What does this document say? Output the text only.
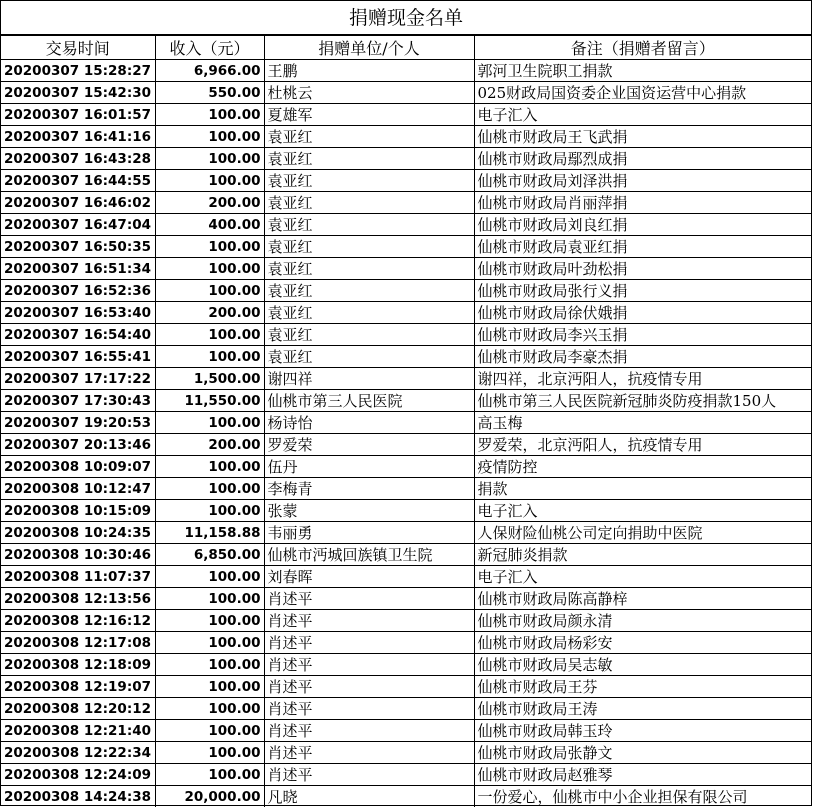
捐赠现金名单
交易时间	收入（元）	捐赠单位/个人	备注（捐赠者留言）
20200307 15:28:27	6,966.00	王鹏	郭河卫生院职工捐款
20200307 15:42:30	550.00	杜桃云	025财政局国资委企业国资运营中心捐款
20200307 16:01:57	100.00	夏雄军	电子汇入
20200307 16:41:16	100.00	袁亚红	仙桃市财政局王飞武捐
20200307 16:43:28	100.00	袁亚红	仙桃市财政局鄢烈成捐
20200307 16:44:55	100.00	袁亚红	仙桃市财政局刘泽洪捐
20200307 16:46:02	200.00	袁亚红	仙桃市财政局肖丽萍捐
20200307 16:47:04	400.00	袁亚红	仙桃市财政局刘良红捐
20200307 16:50:35	100.00	袁亚红	仙桃市财政局袁亚红捐
20200307 16:51:34	100.00	袁亚红	仙桃市财政局叶劲松捐
20200307 16:52:36	100.00	袁亚红	仙桃市财政局张行义捐
20200307 16:53:40	200.00	袁亚红	仙桃市财政局徐伏娥捐
20200307 16:54:40	100.00	袁亚红	仙桃市财政局李兴玉捐
20200307 16:55:41	100.00	袁亚红	仙桃市财政局李豪杰捐
20200307 17:17:22	1,500.00	谢四祥	谢四祥，北京沔阳人，抗疫情专用
20200307 17:30:43	11,550.00	仙桃市第三人民医院	仙桃市第三人民医院新冠肺炎防疫捐款150人
20200307 19:20:53	100.00	杨诗怡	高玉梅
20200307 20:13:46	200.00	罗爱荣	罗爱荣，北京沔阳人，抗疫情专用
20200308 10:09:07	100.00	伍丹	疫情防控
20200308 10:12:47	100.00	李梅青	捐款
20200308 10:15:09	100.00	张蒙	电子汇入
20200308 10:24:35	11,158.88	韦丽勇	人保财险仙桃公司定向捐助中医院
20200308 10:30:46	6,850.00	仙桃市沔城回族镇卫生院	新冠肺炎捐款
20200308 11:07:37	100.00	刘春晖	电子汇入
20200308 12:13:56	100.00	肖述平	仙桃市财政局陈高静梓
20200308 12:16:12	100.00	肖述平	仙桃市财政局颜永清
20200308 12:17:08	100.00	肖述平	仙桃市财政局杨彩安
20200308 12:18:09	100.00	肖述平	仙桃市财政局吴志敏
20200308 12:19:07	100.00	肖述平	仙桃市财政局王芬
20200308 12:20:12	100.00	肖述平	仙桃市财政局王涛
20200308 12:21:40	100.00	肖述平	仙桃市财政局韩玉玲
20200308 12:22:34	100.00	肖述平	仙桃市财政局张静文
20200308 12:24:09	100.00	肖述平	仙桃市财政局赵雅琴
20200308 14:24:38	20,000.00	凡晓	一份爱心，仙桃市中小企业担保有限公司
